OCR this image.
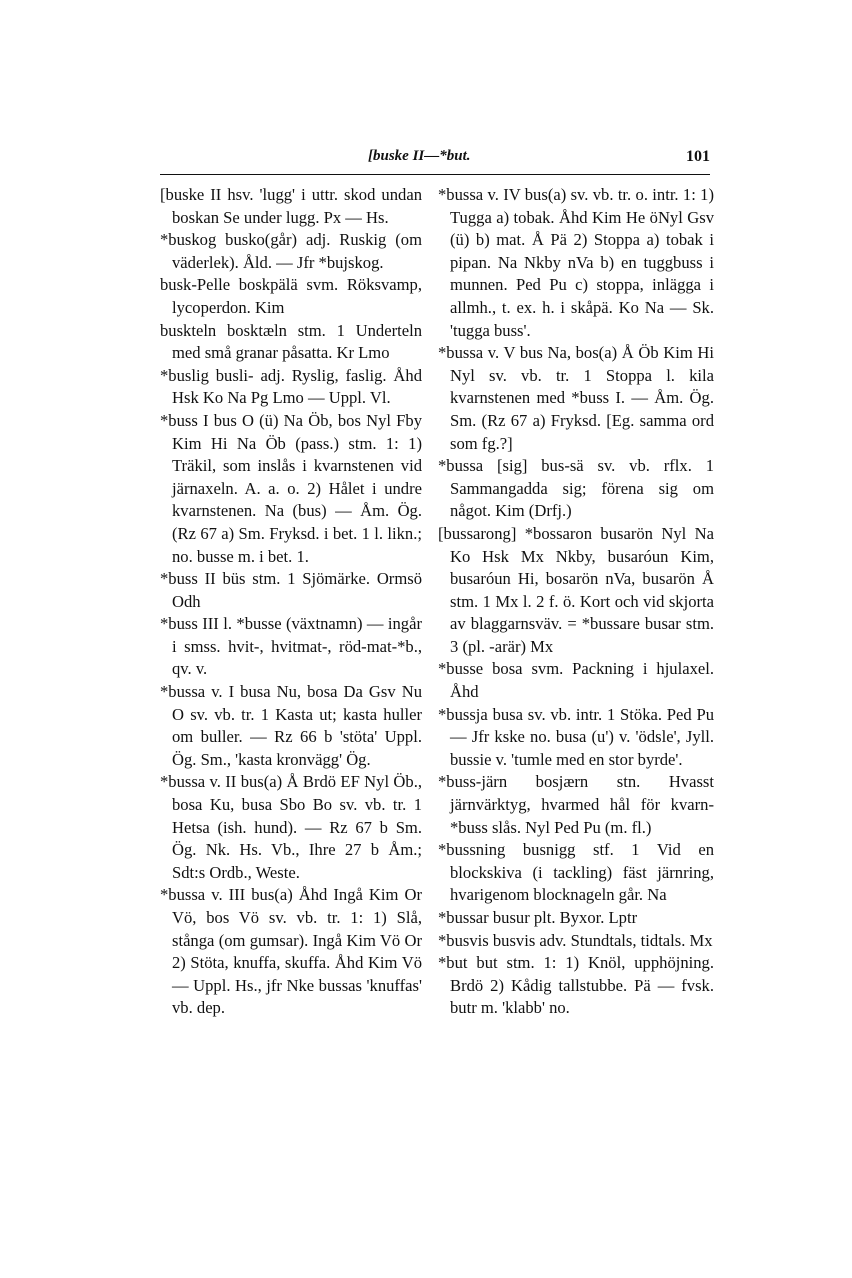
[buske II—*but.	101

[buske II hsv. 'lugg' i uttr. skod undan boskan Se under lugg. Px — Hs.

*buskog busko(går) adj. Ruskig (om väderlek). Åld. — Jfr *bujskog.

busk-Pelle boskpälä svm. Röksvamp, lycoperdon. Kim

buskteln bosktæln stm. 1 Underteln med små granar påsatta. Kr Lmo

*buslig busli- adj. Ryslig, faslig. Åhd Hsk Ko Na Pg Lmo — Uppl. Vl.

*buss I bus O (ü) Na Öb, bos Nyl Fby Kim Hi Na Öb (pass.) stm. 1: 1) Träkil, som inslås i kvarnstenen vid järnaxeln. A. a. o. 2) Hålet i undre kvarnstenen. Na (bus) — Åm. Ög. (Rz 67 a) Sm. Fryksd. i bet. 1 l. likn.; no. busse m. i bet. 1.

*buss II büs stm. 1 Sjömärke. Ormsö Odh

*buss III l. *busse (växtnamn) — ingår i smss. hvit-, hvitmat-, röd-mat-*b., qv. v.

*bussa v. I busa Nu, bosa Da Gsv Nu O sv. vb. tr. 1 Kasta ut; kasta huller om buller. — Rz 66 b 'stöta' Uppl. Ög. Sm., 'kasta kronvägg' Ög.

*bussa v. II bus(a) Å Brdö EF Nyl Öb., bosa Ku, busa Sbo Bo sv. vb. tr. 1 Hetsa (ish. hund). — Rz 67 b Sm. Ög. Nk. Hs. Vb., Ihre 27 b Åm.; Sdt:s Ordb., Weste.

*bussa v. III bus(a) Åhd Ingå Kim Or Vö, bos Vö sv. vb. tr. 1: 1) Slå, stånga (om gumsar). Ingå Kim Vö Or 2) Stöta, knuffa, skuffa. Åhd Kim Vö — Uppl. Hs., jfr Nke bussas 'knuffas' vb. dep.

*bussa v. IV bus(a) sv. vb. tr. o. intr. 1: 1) Tugga a) tobak. Åhd Kim He öNyl Gsv (ü) b) mat. Å Pä 2) Stoppa a) tobak i pipan. Na Nkby nVa b) en tuggbuss i munnen. Ped Pu c) stoppa, inlägga i allmh., t. ex. h. i skåpä. Ko Na — Sk. 'tugga buss'.

*bussa v. V bus Na, bos(a) Å Öb Kim Hi Nyl sv. vb. tr. 1 Stoppa l. kila kvarnstenen med *buss I. — Åm. Ög. Sm. (Rz 67 a) Fryksd. [Eg. samma ord som fg.?]

*bussa [sig] bus-sä sv. vb. rflx. 1 Sammangadda sig; förena sig om något. Kim (Drfj.)

[bussarong] *bossaron busarön Nyl Na Ko Hsk Mx Nkby, busaróun Kim, busaróun Hi, bosarön nVa, busarön Å stm. 1 Mx l. 2 f. ö. Kort och vid skjorta av blaggarnsväv. = *bussare busar stm. 3 (pl. -arär) Mx

*busse bosa svm. Packning i hjulaxel. Åhd

*bussja busa sv. vb. intr. 1 Stöka. Ped Pu — Jfr kske no. busa (u') v. 'ödsle', Jyll. bussie v. 'tumle med en stor byrde'.

*buss-järn bosjærn stn. Hvasst järnvärktyg, hvarmed hål för kvarn-*buss slås. Nyl Ped Pu (m. fl.)

*bussning busnigg stf. 1 Vid en blockskiva (i tackling) fäst järnring, hvarigenom blocknageln går. Na

*bussar busur plt. Byxor. Lptr

*busvis busvis adv. Stundtals, tidtals. Mx

*but but stm. 1: 1) Knöl, upphöjning. Brdö 2) Kådig tallstubbe. Pä — fvsk. butr m. 'klabb' no.
